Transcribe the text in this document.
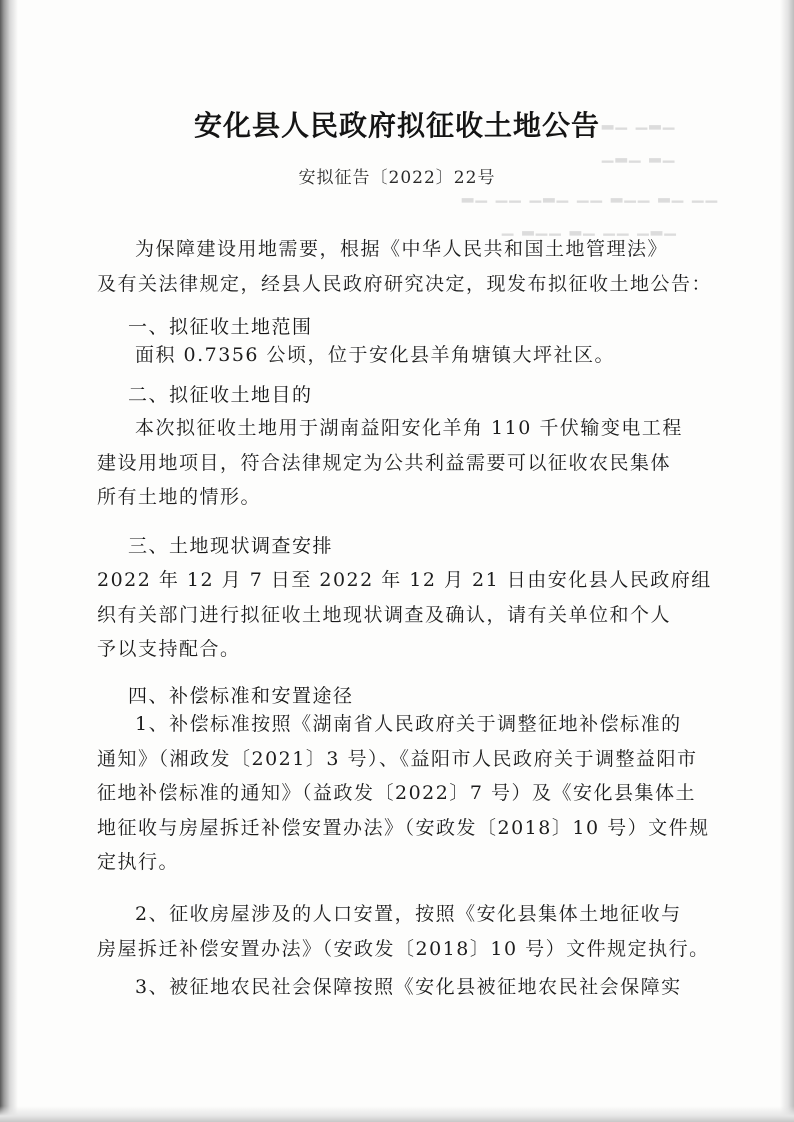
▁▂▁ ▁▂
▁▂ ▁▂▁
▁▁ ▁▂ ▁▁▂ ▁▁ ▁▂▁ ▁▁ ▁▂
▁▂▁ ▁▁ ▁▂ ▁▁▂ ▁
安化县人民政府拟征收土地公告
安拟征告〔2022〕22号
为保障建设用地需要，根据《中华人民共和国土地管理法》
及有关法律规定，经县人民政府研究决定，现发布拟征收土地公告：
一、拟征收土地范围
面积 0.7356 公顷，位于安化县羊角塘镇大坪社区。
二、拟征收土地目的
本次拟征收土地用于湖南益阳安化羊角 110 千伏输变电工程
建设用地项目，符合法律规定为公共利益需要可以征收农民集体
所有土地的情形。
三、土地现状调查安排
2022 年 12 月 7 日至 2022 年 12 月 21 日由安化县人民政府组
织有关部门进行拟征收土地现状调查及确认，请有关单位和个人
予以支持配合。
四、补偿标准和安置途径
1、补偿标准按照《湖南省人民政府关于调整征地补偿标准的
通知》（湘政发〔2021〕3 号）、《益阳市人民政府关于调整益阳市
征地补偿标准的通知》（益政发〔2022〕7 号）及《安化县集体土
地征收与房屋拆迁补偿安置办法》（安政发〔2018〕10 号）文件规
定执行。
2、征收房屋涉及的人口安置，按照《安化县集体土地征收与
房屋拆迁补偿安置办法》（安政发〔2018〕10 号）文件规定执行。
3、被征地农民社会保障按照《安化县被征地农民社会保障实
